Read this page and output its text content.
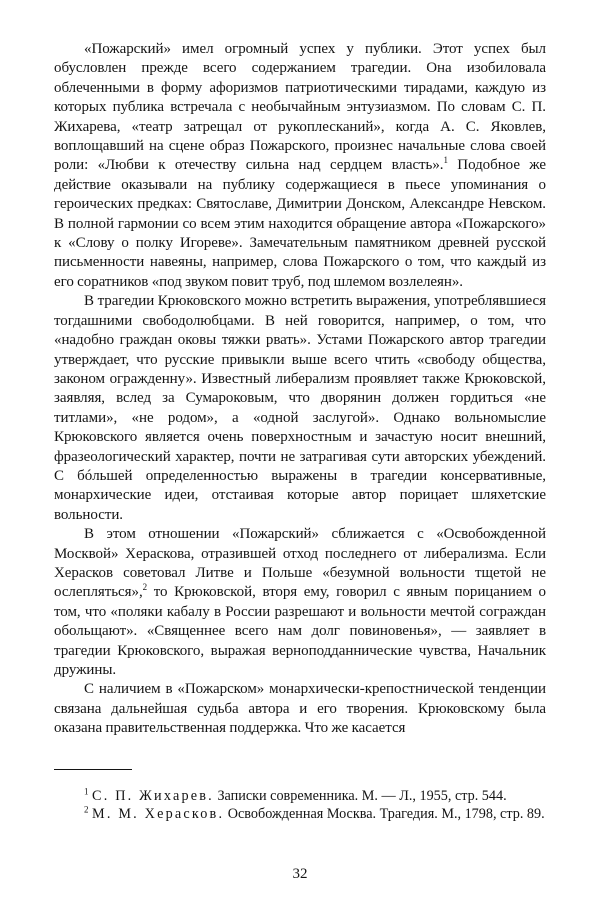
«Пожарский» имел огромный успех у публики. Этот успех был обусловлен прежде всего содержанием трагедии. Она изобиловала облеченными в форму афоризмов патриотическими тирадами, каждую из которых публика встречала с необычайным энтузиазмом. По словам С. П. Жихарева, «театр затрещал от рукоплесканий», когда А. С. Яковлев, воплощавший на сцене образ Пожарского, произнес начальные слова своей роли: «Любви к отечеству сильна над сердцем власть».$^1$ Подобное же действие оказывали на публику содержащиеся в пьесе упоминания о героических предках: Святославе, Димитрии Донском, Александре Невском. В полной гармонии со всем этим находится обращение автора «Пожарского» к «Слову о полку Игореве». Замечательным памятником древней русской письменности навеяны, например, слова Пожарского о том, что каждый из его соратников «под звуком повит труб, под шлемом возлелеян».

В трагедии Крюковского можно встретить выражения, употреблявшиеся тогдашними свободолюбцами. В ней говорится, например, о том, что «надобно граждан оковы тяжки рвать». Устами Пожарского автор трагедии утверждает, что русские привыкли выше всего чтить «свободу общества, законом огражденну». Известный либерализм проявляет также Крюковской, заявляя, вслед за Сумароковым, что дворянин должен гордиться «не титлами», «не родом», а «одной заслугой». Однако вольномыслие Крюковского является очень поверхностным и зачастую носит внешний, фразеологический характер, почти не затрагивая сути авторских убеждений. С бóльшей определенностью выражены в трагедии консервативные, монархические идеи, отстаивая которые автор порицает шляхетские вольности.

В этом отношении «Пожарский» сближается с «Освобожденной Москвой» Хераскова, отразившей отход последнего от либерализма. Если Херасков советовал Литве и Польше «безумной вольности тщетой не ослепляться»,$^2$ то Крюковской, вторя ему, говорил с явным порицанием о том, что «поляки кабалу в России разрешают и вольности мечтой сограждан обольщают». «Священнее всего нам долг повиновенья», — заявляет в трагедии Крюковского, выражая верноподданнические чувства, Начальник дружины.

С наличием в «Пожарском» монархически-крепостнической тенденции связана дальнейшая судьба автора и его творения. Крюковскому была оказана правительственная поддержка. Что же касается

$^1$ С. П. Жихарев. Записки современника. М. — Л., 1955, стр. 544.

$^2$ М. М. Херасков. Освобожденная Москва. Трагедия. М., 1798, стр. 89.

32
